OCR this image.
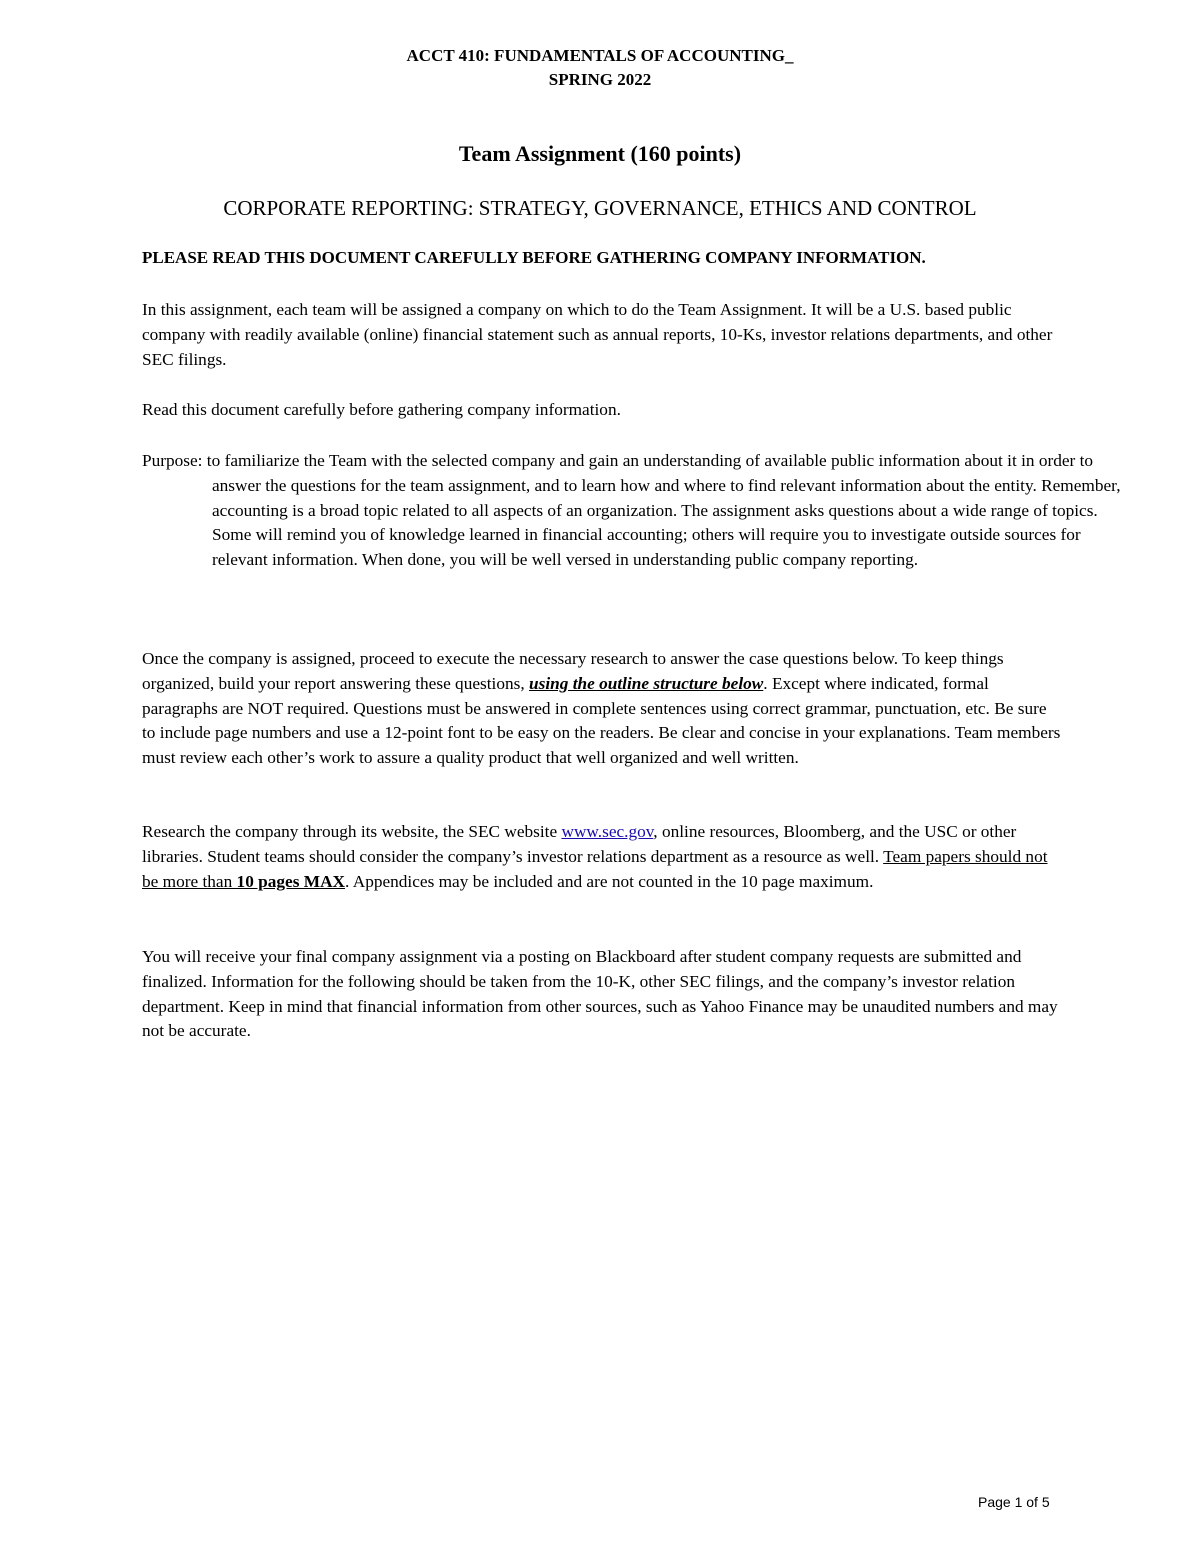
ACCT 410: FUNDAMENTALS OF ACCOUNTING_
SPRING 2022
Team Assignment (160 points)
CORPORATE REPORTING: STRATEGY, GOVERNANCE, ETHICS AND CONTROL
PLEASE READ THIS DOCUMENT CAREFULLY BEFORE GATHERING COMPANY INFORMATION.
In this assignment, each team will be assigned a company on which to do the Team Assignment. It will be a U.S. based public company with readily available (online) financial statement such as annual reports, 10-Ks, investor relations departments, and other SEC filings.
Read this document carefully before gathering company information.
Purpose: to familiarize the Team with the selected company and gain an understanding of available public information about it in order to answer the questions for the team assignment, and to learn how and where to find relevant information about the entity. Remember, accounting is a broad topic related to all aspects of an organization. The assignment asks questions about a wide range of topics. Some will remind you of knowledge learned in financial accounting; others will require you to investigate outside sources for relevant information. When done, you will be well versed in understanding public company reporting.
Once the company is assigned, proceed to execute the necessary research to answer the case questions below. To keep things organized, build your report answering these questions, using the outline structure below. Except where indicated, formal paragraphs are NOT required. Questions must be answered in complete sentences using correct grammar, punctuation, etc. Be sure to include page numbers and use a 12-point font to be easy on the readers. Be clear and concise in your explanations. Team members must review each other’s work to assure a quality product that well organized and well written.
Research the company through its website, the SEC website www.sec.gov, online resources, Bloomberg, and the USC or other libraries. Student teams should consider the company’s investor relations department as a resource as well. Team papers should not be more than 10 pages MAX. Appendices may be included and are not counted in the 10 page maximum.
You will receive your final company assignment via a posting on Blackboard after student company requests are submitted and finalized. Information for the following should be taken from the 10-K, other SEC filings, and the company’s investor relation department. Keep in mind that financial information from other sources, such as Yahoo Finance may be unaudited numbers and may not be accurate.
Page 1 of 5
